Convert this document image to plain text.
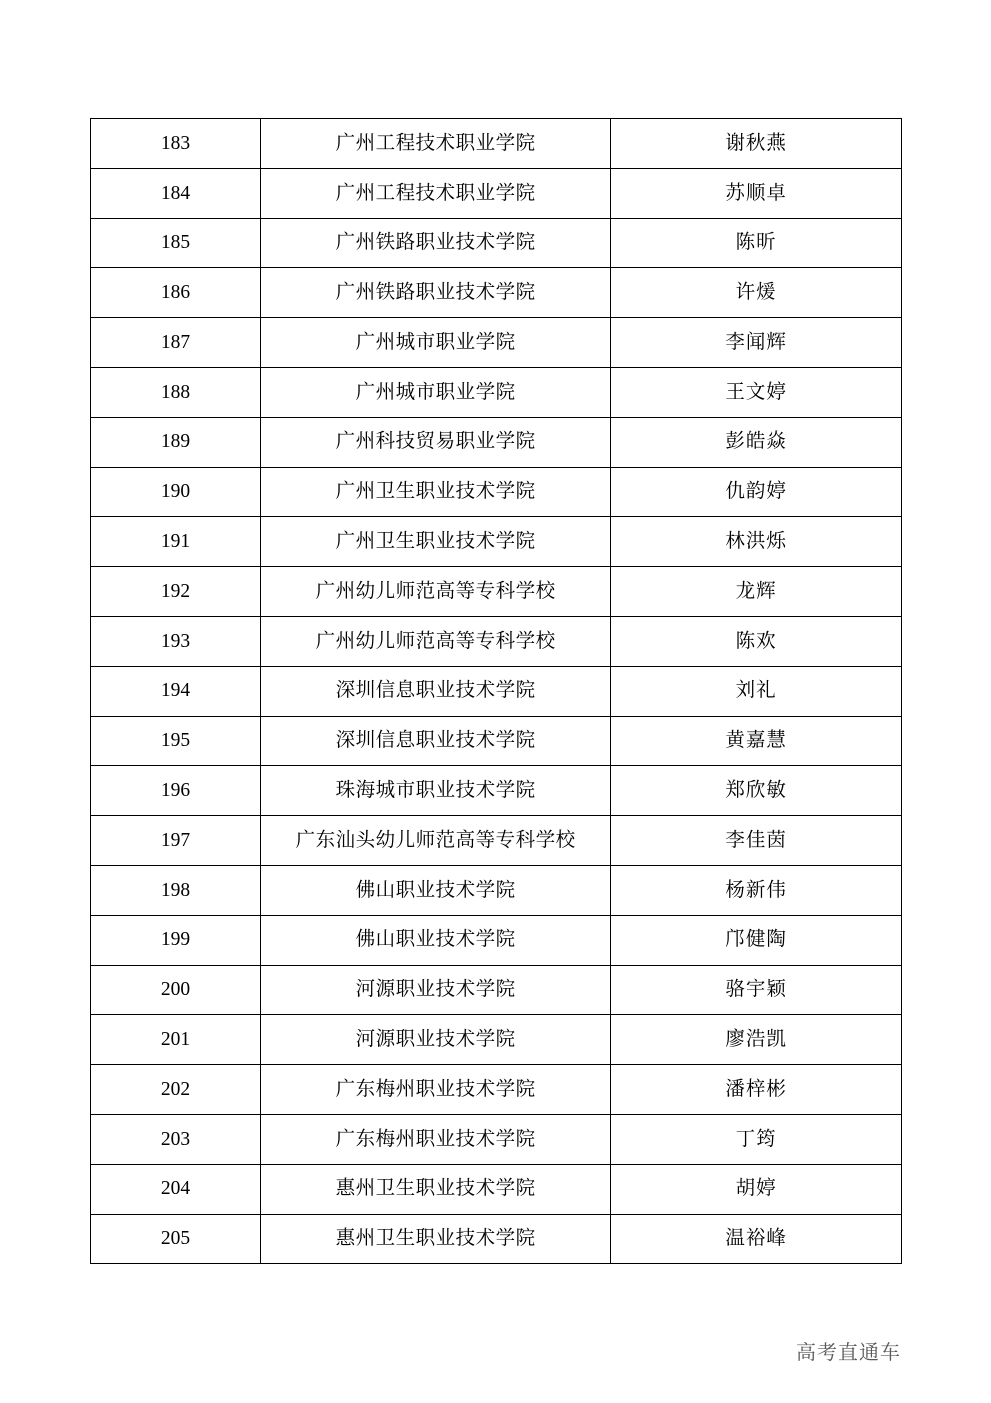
183	广州工程技术职业学院	谢秋燕
184	广州工程技术职业学院	苏顺卓
185	广州铁路职业技术学院	陈昕
186	广州铁路职业技术学院	许煖
187	广州城市职业学院	李闻辉
188	广州城市职业学院	王文婷
189	广州科技贸易职业学院	彭皓焱
190	广州卫生职业技术学院	仇韵婷
191	广州卫生职业技术学院	林洪烁
192	广州幼儿师范高等专科学校	龙辉
193	广州幼儿师范高等专科学校	陈欢
194	深圳信息职业技术学院	刘礼
195	深圳信息职业技术学院	黄嘉慧
196	珠海城市职业技术学院	郑欣敏
197	广东汕头幼儿师范高等专科学校	李佳茵
198	佛山职业技术学院	杨新伟
199	佛山职业技术学院	邝健陶
200	河源职业技术学院	骆宇颖
201	河源职业技术学院	廖浩凯
202	广东梅州职业技术学院	潘梓彬
203	广东梅州职业技术学院	丁筠
204	惠州卫生职业技术学院	胡婷
205	惠州卫生职业技术学院	温裕峰
高考直通车
